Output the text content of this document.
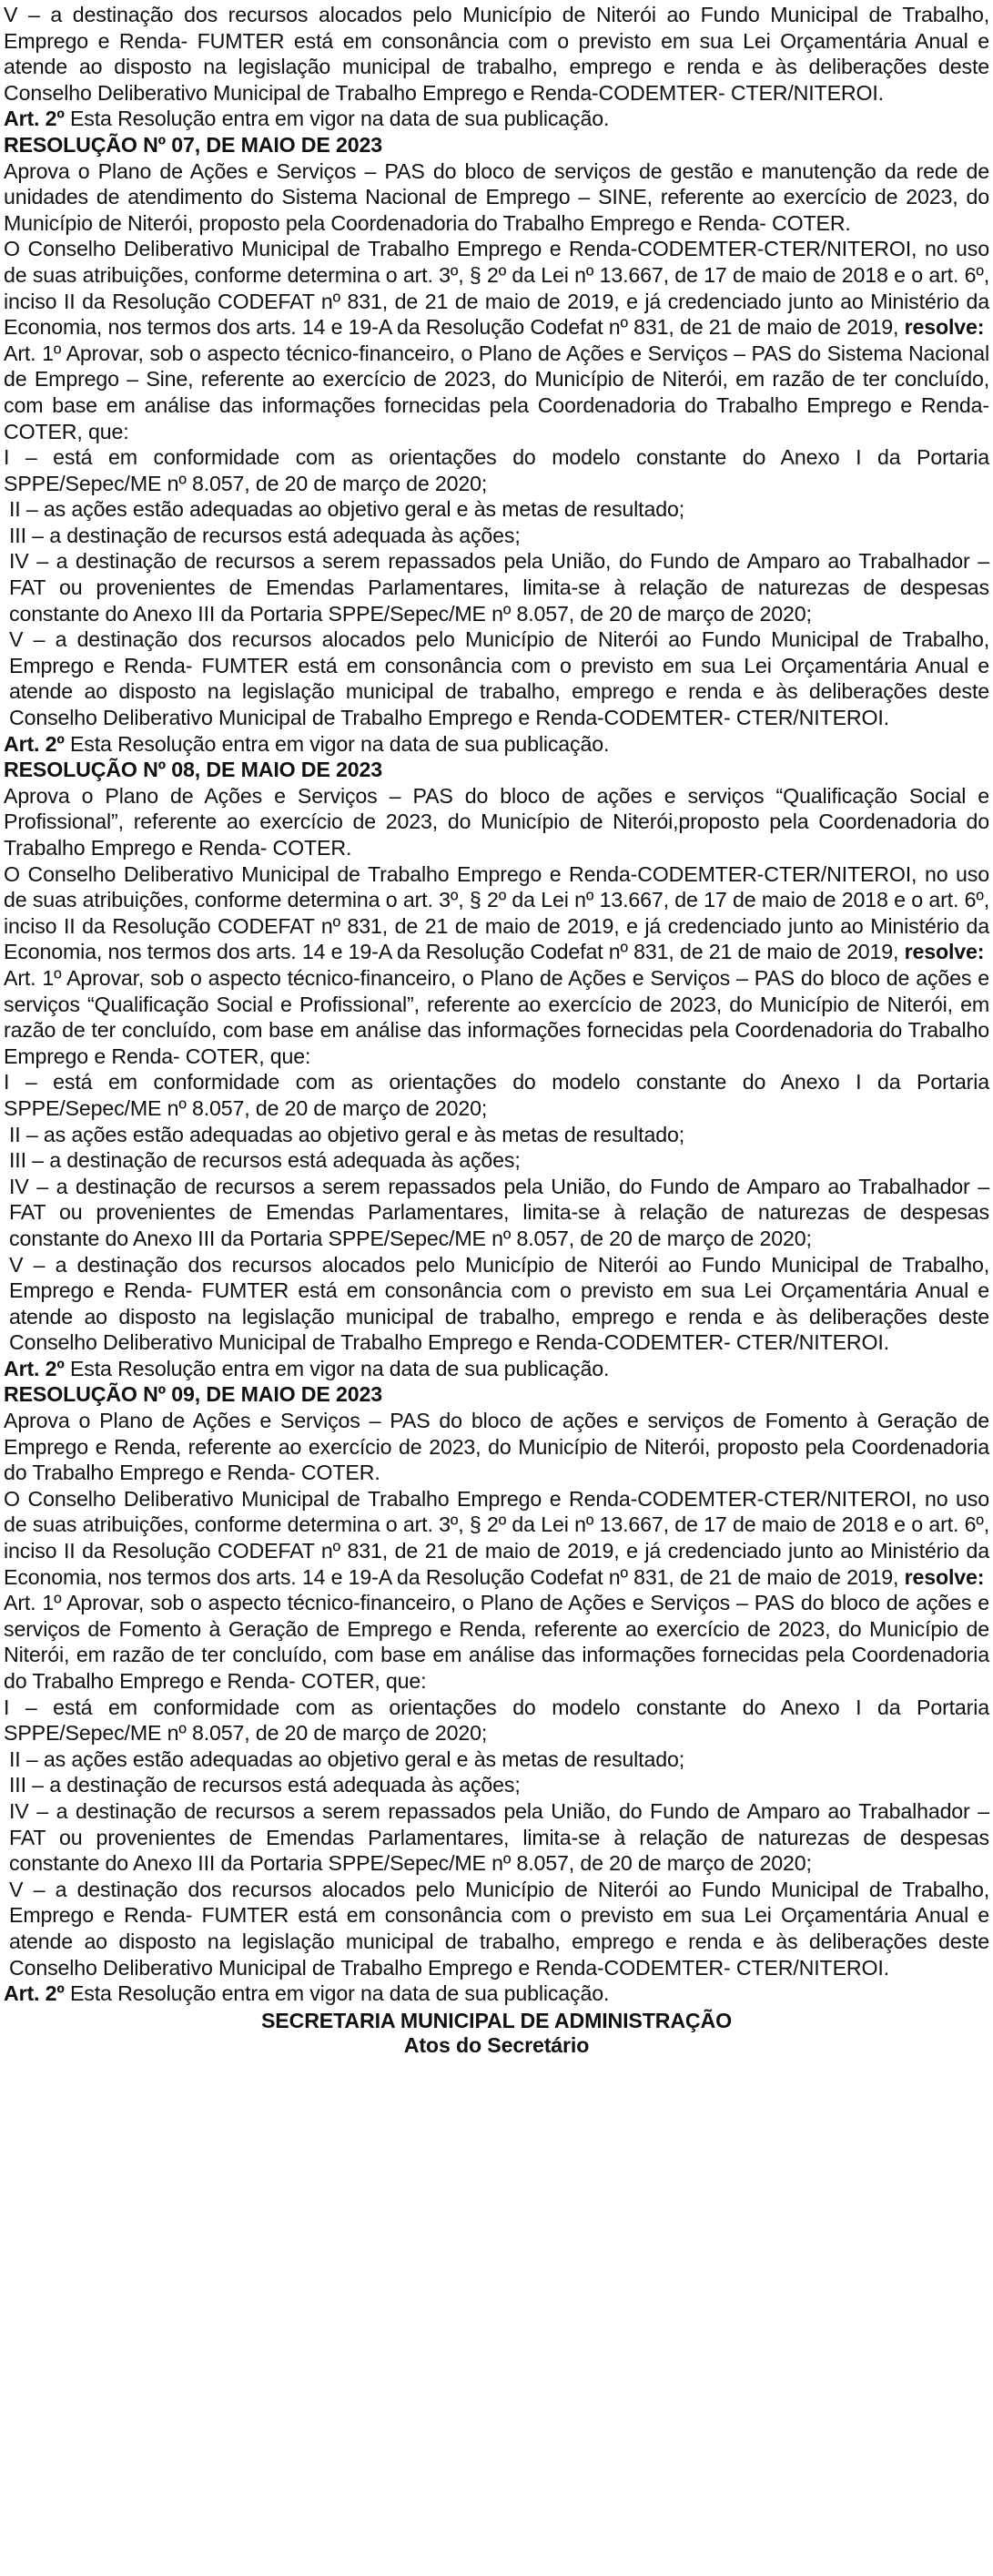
V – a destinação dos recursos alocados pelo Município de Niterói ao Fundo Municipal de Trabalho, Emprego e Renda- FUMTER está em consonância com o previsto em sua Lei Orçamentária Anual e atende ao disposto na legislação municipal de trabalho, emprego e renda e às deliberações deste Conselho Deliberativo Municipal de Trabalho Emprego e Renda-CODEMTER- CTER/NITEROI.
Art. 2º Esta Resolução entra em vigor na data de sua publicação.
RESOLUÇÃO Nº 07, DE MAIO DE 2023
Aprova o Plano de Ações e Serviços – PAS do bloco de serviços de gestão e manutenção da rede de unidades de atendimento do Sistema Nacional de Emprego – SINE, referente ao exercício de 2023, do Município de Niterói, proposto pela Coordenadoria do Trabalho Emprego e Renda- COTER.
O Conselho Deliberativo Municipal de Trabalho Emprego e Renda-CODEMTER-CTER/NITEROI, no uso de suas atribuições, conforme determina o art. 3º, § 2º da Lei nº 13.667, de 17 de maio de 2018 e o art. 6º, inciso II da Resolução CODEFAT nº 831, de 21 de maio de 2019, e já credenciado junto ao Ministério da Economia, nos termos dos arts. 14 e 19-A da Resolução Codefat nº 831, de 21 de maio de 2019, resolve:
Art. 1º Aprovar, sob o aspecto técnico-financeiro, o Plano de Ações e Serviços – PAS do Sistema Nacional de Emprego – Sine, referente ao exercício de 2023, do Município de Niterói, em razão de ter concluído, com base em análise das informações fornecidas pela Coordenadoria do Trabalho Emprego e Renda- COTER, que:
I – está em conformidade com as orientações do modelo constante do Anexo I da Portaria SPPE/Sepec/ME nº 8.057, de 20 de março de 2020;
II – as ações estão adequadas ao objetivo geral e às metas de resultado;
III – a destinação de recursos está adequada às ações;
IV – a destinação de recursos a serem repassados pela União, do Fundo de Amparo ao Trabalhador – FAT ou provenientes de Emendas Parlamentares, limita-se à relação de naturezas de despesas constante do Anexo III da Portaria SPPE/Sepec/ME nº 8.057, de 20 de março de 2020;
V – a destinação dos recursos alocados pelo Município de Niterói ao Fundo Municipal de Trabalho, Emprego e Renda- FUMTER está em consonância com o previsto em sua Lei Orçamentária Anual e atende ao disposto na legislação municipal de trabalho, emprego e renda e às deliberações deste Conselho Deliberativo Municipal de Trabalho Emprego e Renda-CODEMTER- CTER/NITEROI.
Art. 2º Esta Resolução entra em vigor na data de sua publicação.
RESOLUÇÃO Nº 08, DE MAIO DE 2023
Aprova o Plano de Ações e Serviços – PAS do bloco de ações e serviços “Qualificação Social e Profissional”, referente ao exercício de 2023, do Município de Niterói,proposto pela Coordenadoria do Trabalho Emprego e Renda- COTER.
O Conselho Deliberativo Municipal de Trabalho Emprego e Renda-CODEMTER-CTER/NITEROI, no uso de suas atribuições, conforme determina o art. 3º, § 2º da Lei nº 13.667, de 17 de maio de 2018 e o art. 6º, inciso II da Resolução CODEFAT nº 831, de 21 de maio de 2019, e já credenciado junto ao Ministério da Economia, nos termos dos arts. 14 e 19-A da Resolução Codefat nº 831, de 21 de maio de 2019, resolve:
Art. 1º Aprovar, sob o aspecto técnico-financeiro, o Plano de Ações e Serviços – PAS do bloco de ações e serviços “Qualificação Social e Profissional”, referente ao exercício de 2023, do Município de Niterói, em razão de ter concluído, com base em análise das informações fornecidas pela Coordenadoria do Trabalho Emprego e Renda- COTER, que:
I – está em conformidade com as orientações do modelo constante do Anexo I da Portaria SPPE/Sepec/ME nº 8.057, de 20 de março de 2020;
II – as ações estão adequadas ao objetivo geral e às metas de resultado;
III – a destinação de recursos está adequada às ações;
IV – a destinação de recursos a serem repassados pela União, do Fundo de Amparo ao Trabalhador – FAT ou provenientes de Emendas Parlamentares, limita-se à relação de naturezas de despesas constante do Anexo III da Portaria SPPE/Sepec/ME nº 8.057, de 20 de março de 2020;
V – a destinação dos recursos alocados pelo Município de Niterói ao Fundo Municipal de Trabalho, Emprego e Renda- FUMTER está em consonância com o previsto em sua Lei Orçamentária Anual e atende ao disposto na legislação municipal de trabalho, emprego e renda e às deliberações deste Conselho Deliberativo Municipal de Trabalho Emprego e Renda-CODEMTER- CTER/NITEROI.
Art. 2º Esta Resolução entra em vigor na data de sua publicação.
RESOLUÇÃO Nº 09, DE MAIO DE 2023
Aprova o Plano de Ações e Serviços – PAS do bloco de ações e serviços de Fomento à Geração de Emprego e Renda, referente ao exercício de 2023, do Município de Niterói, proposto pela Coordenadoria do Trabalho Emprego e Renda- COTER.
O Conselho Deliberativo Municipal de Trabalho Emprego e Renda-CODEMTER-CTER/NITEROI, no uso de suas atribuições, conforme determina o art. 3º, § 2º da Lei nº 13.667, de 17 de maio de 2018 e o art. 6º, inciso II da Resolução CODEFAT nº 831, de 21 de maio de 2019, e já credenciado junto ao Ministério da Economia, nos termos dos arts. 14 e 19-A da Resolução Codefat nº 831, de 21 de maio de 2019, resolve:
Art. 1º Aprovar, sob o aspecto técnico-financeiro, o Plano de Ações e Serviços – PAS do bloco de ações e serviços de Fomento à Geração de Emprego e Renda, referente ao exercício de 2023, do Município de Niterói, em razão de ter concluído, com base em análise das informações fornecidas pela Coordenadoria do Trabalho Emprego e Renda- COTER, que:
I – está em conformidade com as orientações do modelo constante do Anexo I da Portaria SPPE/Sepec/ME nº 8.057, de 20 de março de 2020;
II – as ações estão adequadas ao objetivo geral e às metas de resultado;
III – a destinação de recursos está adequada às ações;
IV – a destinação de recursos a serem repassados pela União, do Fundo de Amparo ao Trabalhador – FAT ou provenientes de Emendas Parlamentares, limita-se à relação de naturezas de despesas constante do Anexo III da Portaria SPPE/Sepec/ME nº 8.057, de 20 de março de 2020;
V – a destinação dos recursos alocados pelo Município de Niterói ao Fundo Municipal de Trabalho, Emprego e Renda- FUMTER está em consonância com o previsto em sua Lei Orçamentária Anual e atende ao disposto na legislação municipal de trabalho, emprego e renda e às deliberações deste Conselho Deliberativo Municipal de Trabalho Emprego e Renda-CODEMTER- CTER/NITEROI.
Art. 2º Esta Resolução entra em vigor na data de sua publicação.
SECRETARIA MUNICIPAL DE ADMINISTRAÇÃO
Atos do Secretário
